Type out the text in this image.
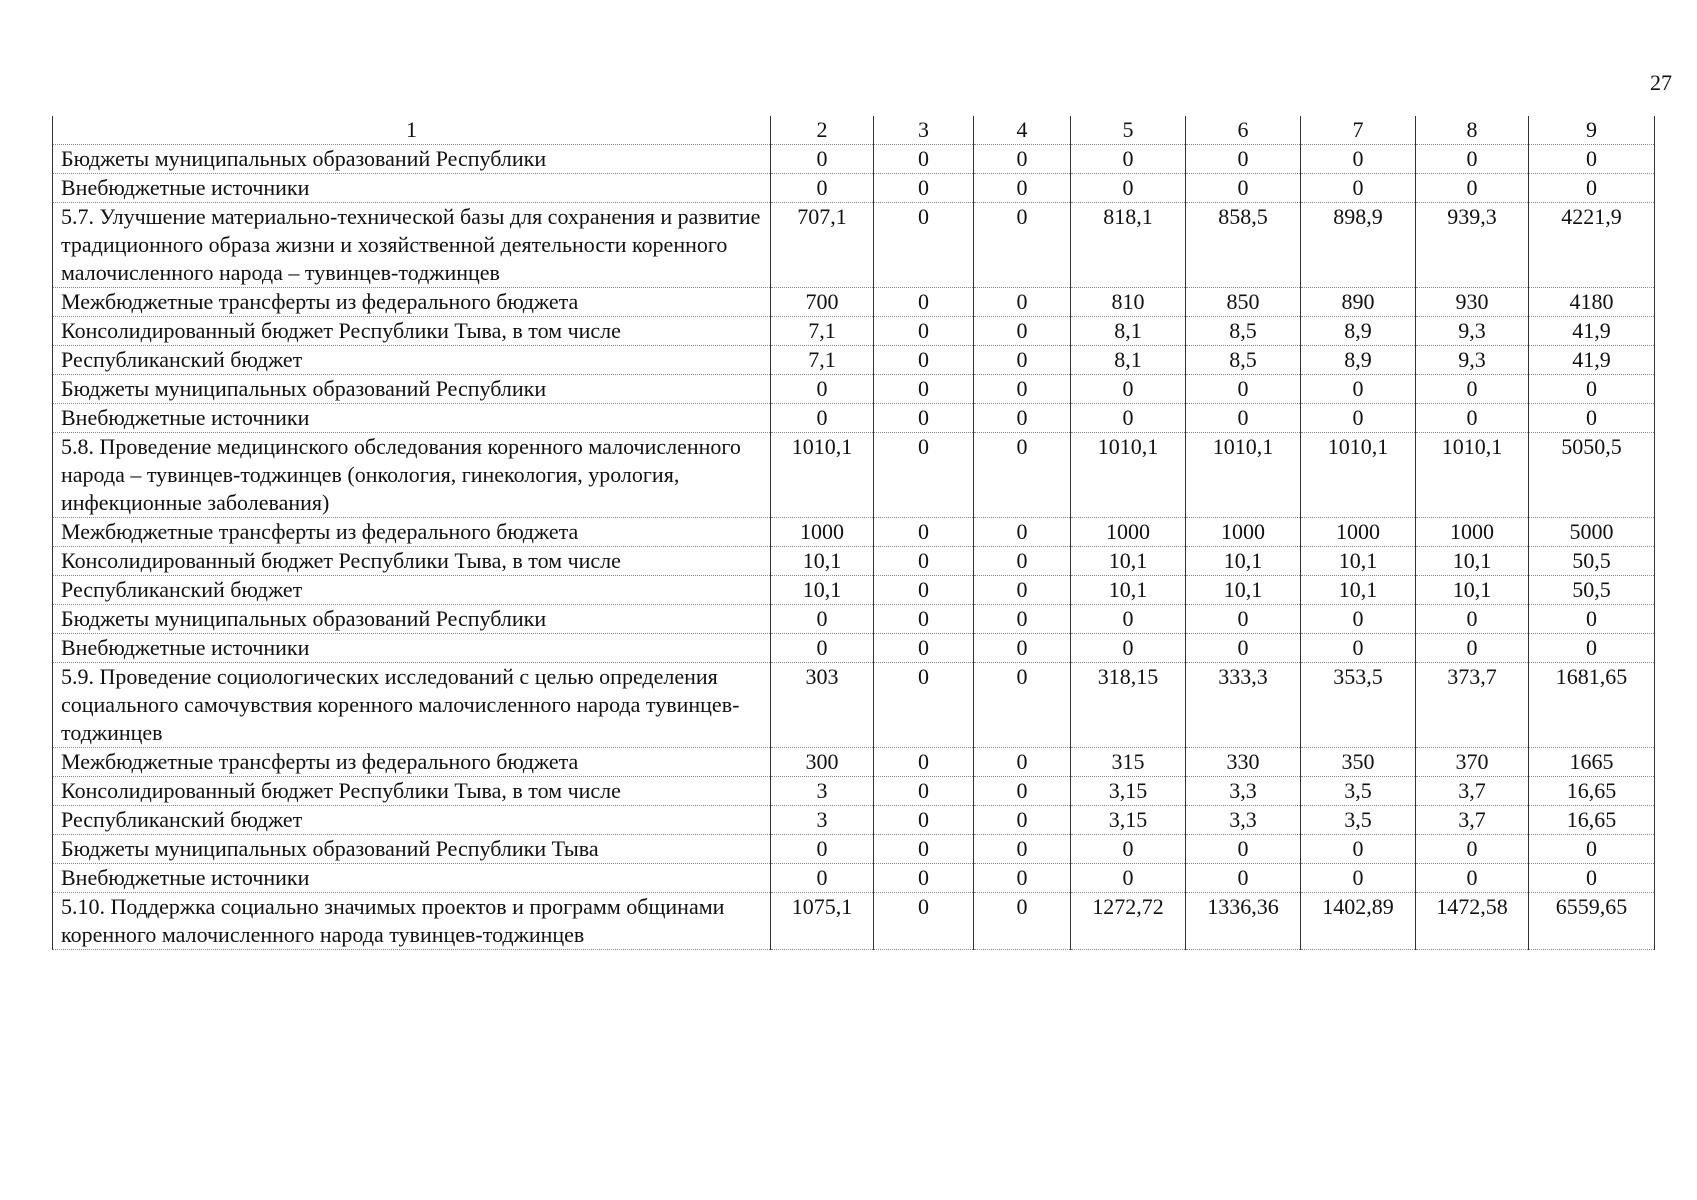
27
1	2	3	4	5	6	7	8	9
Бюджеты муниципальных образований Республики	0	0	0	0	0	0	0	0
Внебюджетные источники	0	0	0	0	0	0	0	0
5.7. Улучшение материально-технической базы для сохранения и развитие традиционного образа жизни и хозяйственной деятельности коренного малочисленного народа – тувинцев-тоджинцев	707,1	0	0	818,1	858,5	898,9	939,3	4221,9
Межбюджетные трансферты из федерального бюджета	700	0	0	810	850	890	930	4180
Консолидированный бюджет Республики Тыва, в том числе	7,1	0	0	8,1	8,5	8,9	9,3	41,9
Республиканский бюджет	7,1	0	0	8,1	8,5	8,9	9,3	41,9
Бюджеты муниципальных образований Республики	0	0	0	0	0	0	0	0
Внебюджетные источники	0	0	0	0	0	0	0	0
5.8. Проведение медицинского обследования коренного малочисленного народа – тувинцев-тоджинцев (онкология, гинекология, урология, инфекционные заболевания)	1010,1	0	0	1010,1	1010,1	1010,1	1010,1	5050,5
Межбюджетные трансферты из федерального бюджета	1000	0	0	1000	1000	1000	1000	5000
Консолидированный бюджет Республики Тыва, в том числе	10,1	0	0	10,1	10,1	10,1	10,1	50,5
Республиканский бюджет	10,1	0	0	10,1	10,1	10,1	10,1	50,5
Бюджеты муниципальных образований Республики	0	0	0	0	0	0	0	0
Внебюджетные источники	0	0	0	0	0	0	0	0
5.9. Проведение социологических исследований с целью определения социального самочувствия коренного малочисленного народа тувинцев-тоджинцев	303	0	0	318,15	333,3	353,5	373,7	1681,65
Межбюджетные трансферты из федерального бюджета	300	0	0	315	330	350	370	1665
Консолидированный бюджет Республики Тыва, в том числе	3	0	0	3,15	3,3	3,5	3,7	16,65
Республиканский бюджет	3	0	0	3,15	3,3	3,5	3,7	16,65
Бюджеты муниципальных образований Республики Тыва	0	0	0	0	0	0	0	0
Внебюджетные источники	0	0	0	0	0	0	0	0
5.10. Поддержка социально значимых проектов и программ общинами коренного малочисленного народа тувинцев-тоджинцев	1075,1	0	0	1272,72	1336,36	1402,89	1472,58	6559,65
